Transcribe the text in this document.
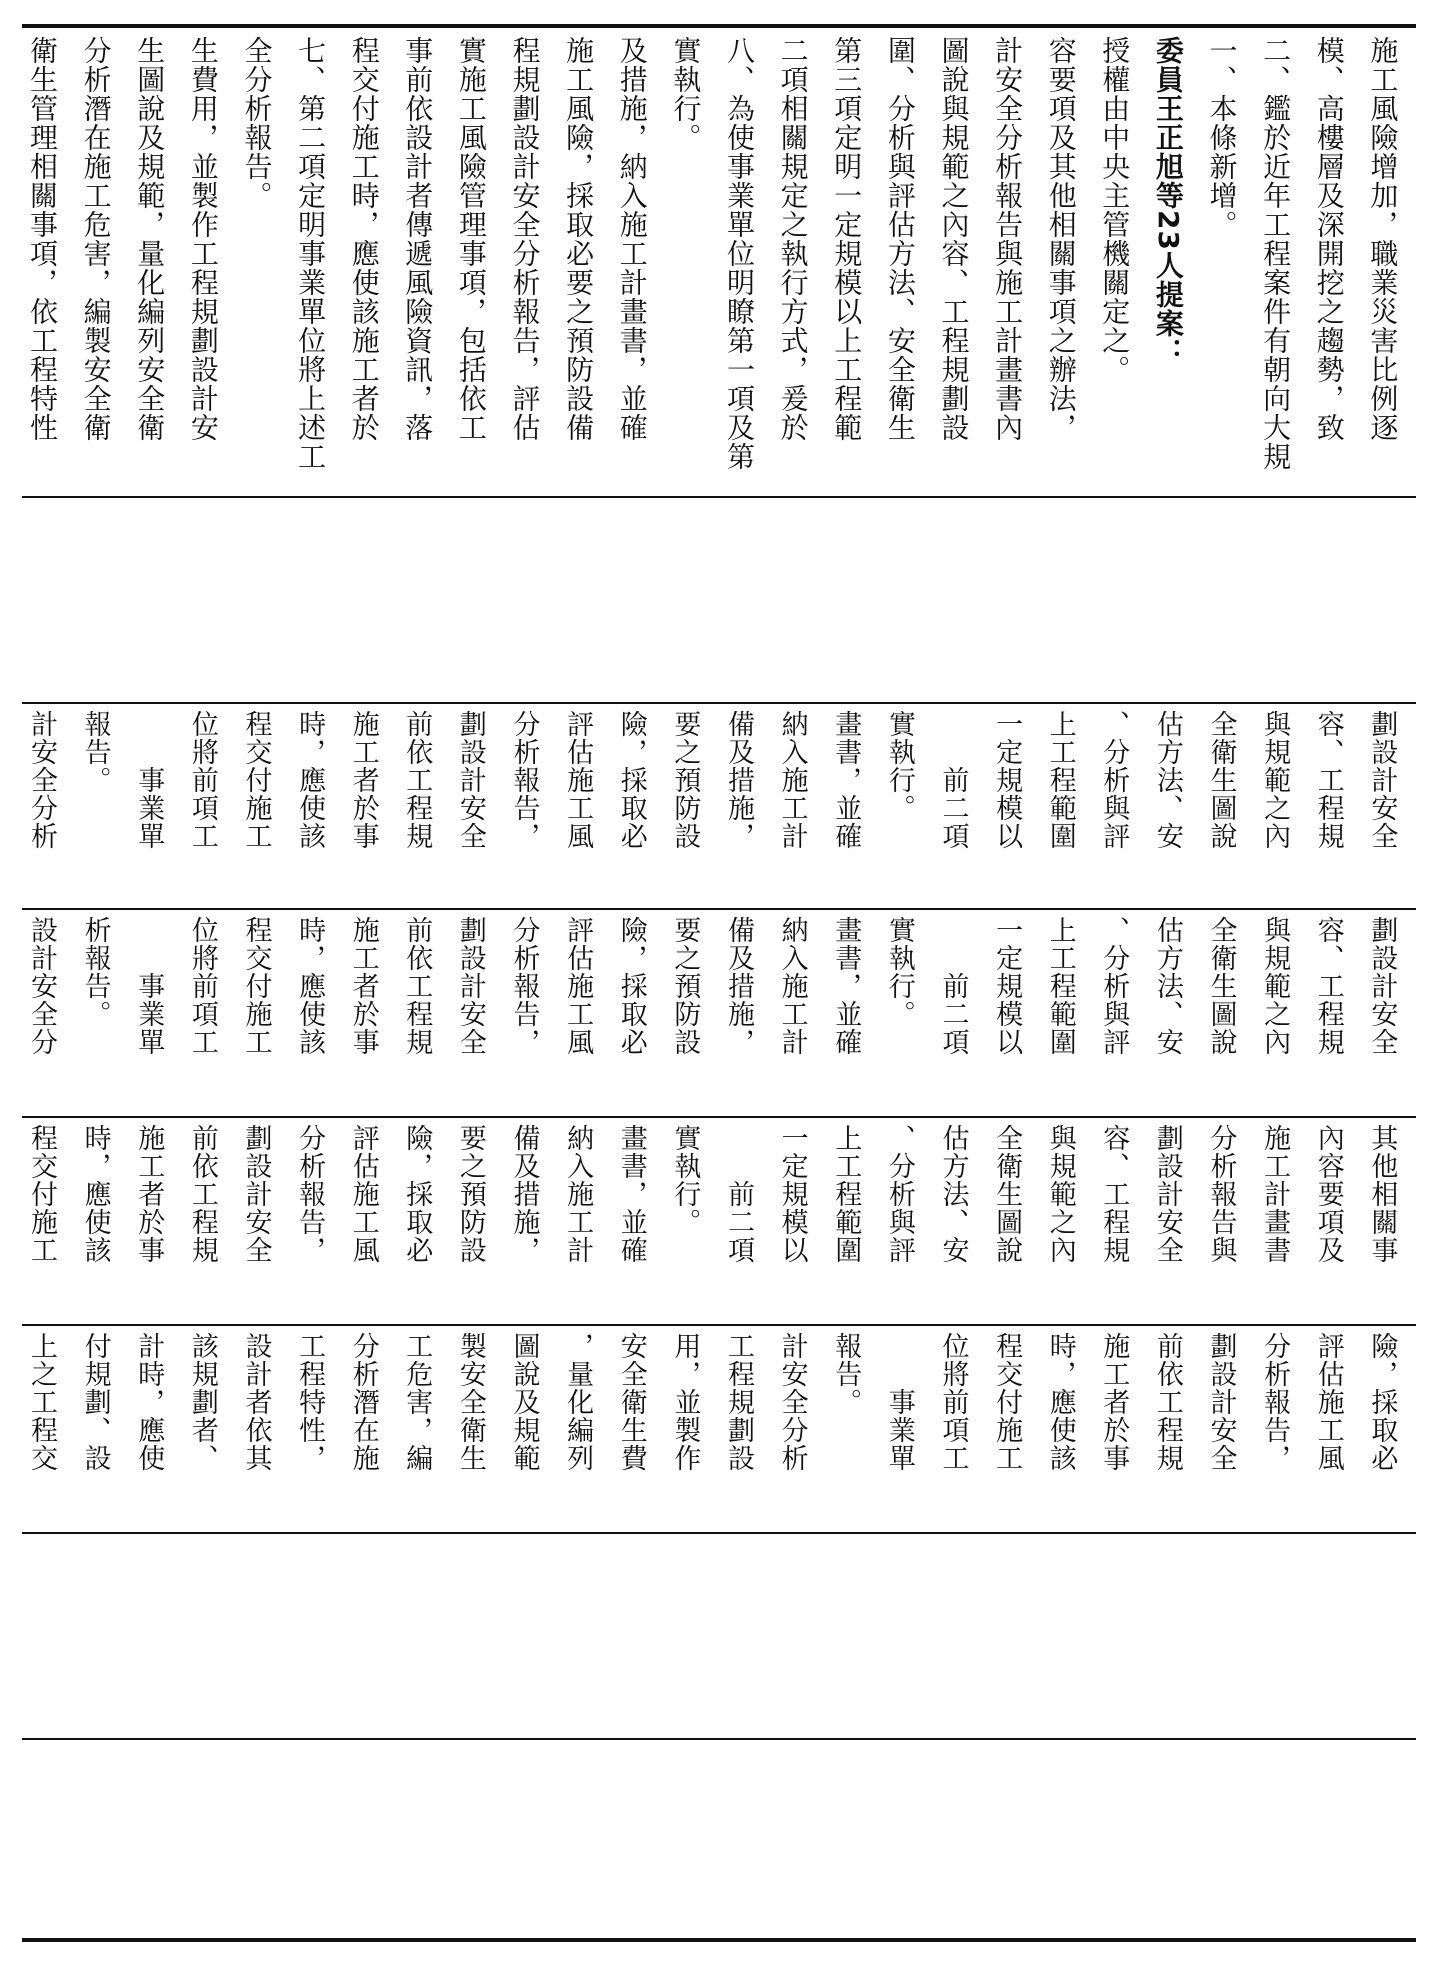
衛生管理相關事項，依工程特性 分析潛在施工危害，編製安全衛 生圖說及規範，量化編列安全衛 生費用，並製作工程規劃設計安 全分析報告。 七、第二項定明事業單位將上述工 程交付施工時，應使該施工者於 事前依設計者傳遞風險資訊，落 實施工風險管理事項，包括依工 程規劃設計安全分析報告，評估 施工風險，採取必要之預防設備 及措施，納入施工計畫書，並確 實執行。 八、為使事業單位明瞭第一項及第 二項相關規定之執行方式，爰於 第三項定明一定規模以上工程範 圍、分析與評估方法、安全衛生 圖說與規範之內容、工程規劃設 計安全分析報告與施工計畫書內 容要項及其他相關事項之辦法， 授權由中央主管機關定之。 委員王正旭等23人提案： 一、本條新增。 二、鑑於近年工程案件有朝向大規 模、高樓層及深開挖之趨勢，致 施工風險增加，職業災害比例逐
計安全分析 報告。 　　事業單 位將前項工 程交付施工 時，應使該 施工者於事 前依工程規 劃設計安全 分析報告， 評估施工風 險，採取必 要之預防設 備及措施， 納入施工計 畫書，並確 實執行。 　　前二項 一定規模以 上工程範圍 、分析與評 估方法、安 全衛生圖說 與規範之內 容、工程規 劃設計安全
設計安全分 析報告。 　　事業單 位將前項工 程交付施工 時，應使該 施工者於事 前依工程規 劃設計安全 分析報告， 評估施工風 險，採取必 要之預防設 備及措施， 納入施工計 畫書，並確 實執行。 　　前二項 一定規模以 上工程範圍 、分析與評 估方法、安 全衛生圖說 與規範之內 容、工程規 劃設計安全
程交付施工 時，應使該 施工者於事 前依工程規 劃設計安全 分析報告， 評估施工風 險，採取必 要之預防設 備及措施， 納入施工計 畫書，並確 實執行。 　　前二項 一定規模以 上工程範圍 、分析與評 估方法、安 全衛生圖說 與規範之內 容、工程規 劃設計安全 分析報告與 施工計畫書 內容要項及 其他相關事
上之工程交 付規劃、設 計時，應使 該規劃者、 設計者依其 工程特性， 分析潛在施 工危害，編 製安全衛生 圖說及規範 ，量化編列 安全衛生費 用，並製作 工程規劃設 計安全分析 報告。 　　事業單 位將前項工 程交付施工 時，應使該 施工者於事 前依工程規 劃設計安全 分析報告， 評估施工風 險，採取必
